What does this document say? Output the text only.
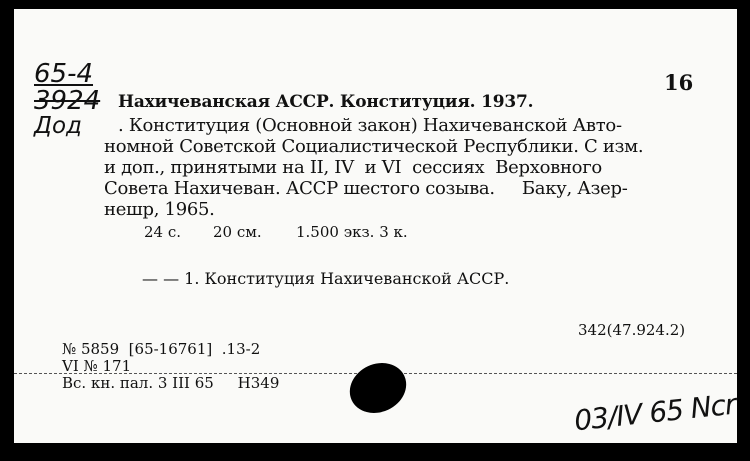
65-4
3924
Дод
16
Нахичеванская АССР. Конституция. 1937.
. Конституция (Основной закон) Нахичеванской Авто-
номной Советской Социалистической Республики. С изм.
и доп., принятыми на II, IV  и VI  сессиях  Верховного
Совета Нахичеван. АССР шестого созыва.     Баку, Азер-
нешр, 1965.
24 с. 20 см. 1.500 экз. 3 к.
— — 1. Конституция Нахичеванской АССР.
342(47.924.2)
№ 5859  [65-16761]  .13-2
VI № 171
Вс. кн. пал. 3 III 65     Н349
03/IV 65 Nсr
